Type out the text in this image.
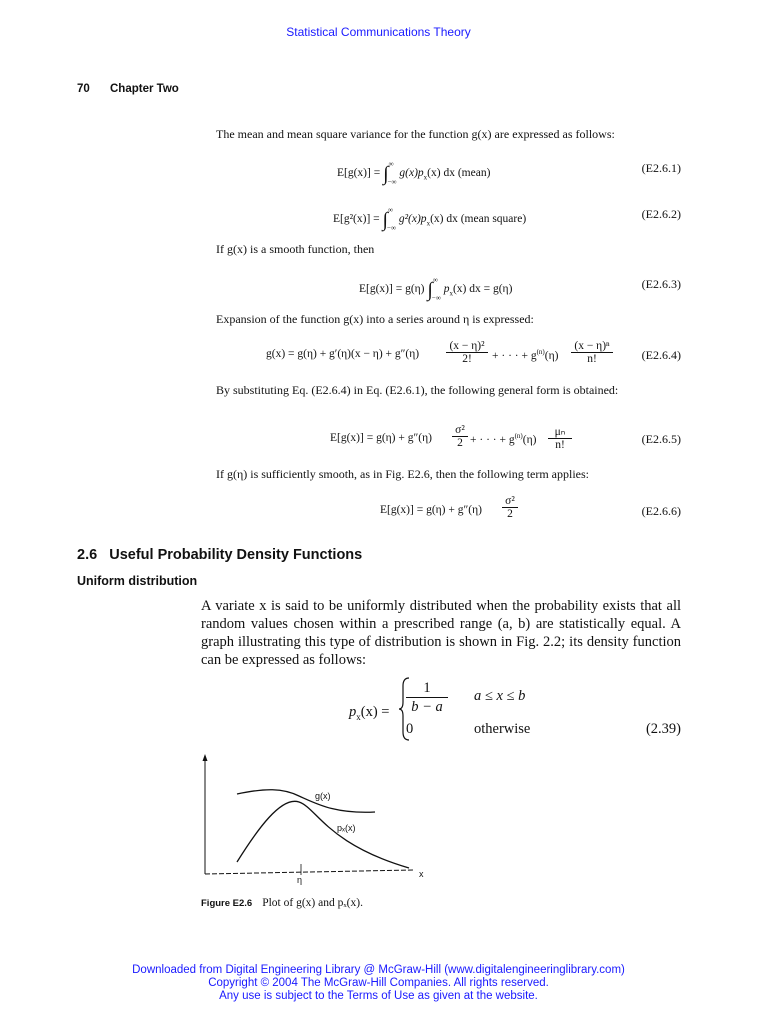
Statistical Communications Theory
70 Chapter Two
The mean and mean square variance for the function g(x) are expressed as follows:
$E[g(x)] = \int^\infty_{-\infty}$ $g(x)p_x(x)$ dx (mean)	(E2.6.1)
$E[g^2(x)] = \int^\infty_{-\infty}$ $g^2(x)p_x(x)$ dx (mean square)	(E2.6.2)
If g(x) is a smooth function, then
E[g(x)] = g(η) $\int^\infty_{-\infty}$ $p_x(x)$ dx = g(η)	(E2.6.3)
Expansion of the function g(x) into a series around η is expressed:
g(x) = g(η) + g′(η)(x − η) + g″(η)
(x − η)²
2!	+ · · · + $g^{(n)}(\eta)$
(x − η)ⁿ
n!	(E2.6.4)
By substituting Eq. (E2.6.4) in Eq. (E2.6.1), the following general form is obtained:
E[g(x)] = g(η) + g″(η)
σ²
2 + · · · + $g^{(n)}(\eta)$
μₙ
n!	(E2.6.5)
If g(η) is sufficiently smooth, as in Fig. E2.6, then the following term applies:
E[g(x)] = g(η) + g″(η)
σ²
2	(E2.6.6)
2.6   Useful Probability Density Functions
Uniform distribution
A variate x is said to be uniformly distributed when the probability exists that all random values chosen within a prescribed range (a, b) are statistically equal. A graph illustrating this type of distribution is shown in Fig. 2.2; its density function can be expressed as follows:
$p_x(x)$ =
1
b − a
a ≤ x ≤ b
0	otherwise	(2.39)
g(x)
pₓ(x)
η
x
Figure E2.6 Plot of g(x) and pₓ(x).
Downloaded from Digital Engineering Library @ McGraw-Hill (www.digitalengineeringlibrary.com)
Copyright © 2004 The McGraw-Hill Companies. All rights reserved.
Any use is subject to the Terms of Use as given at the website.
